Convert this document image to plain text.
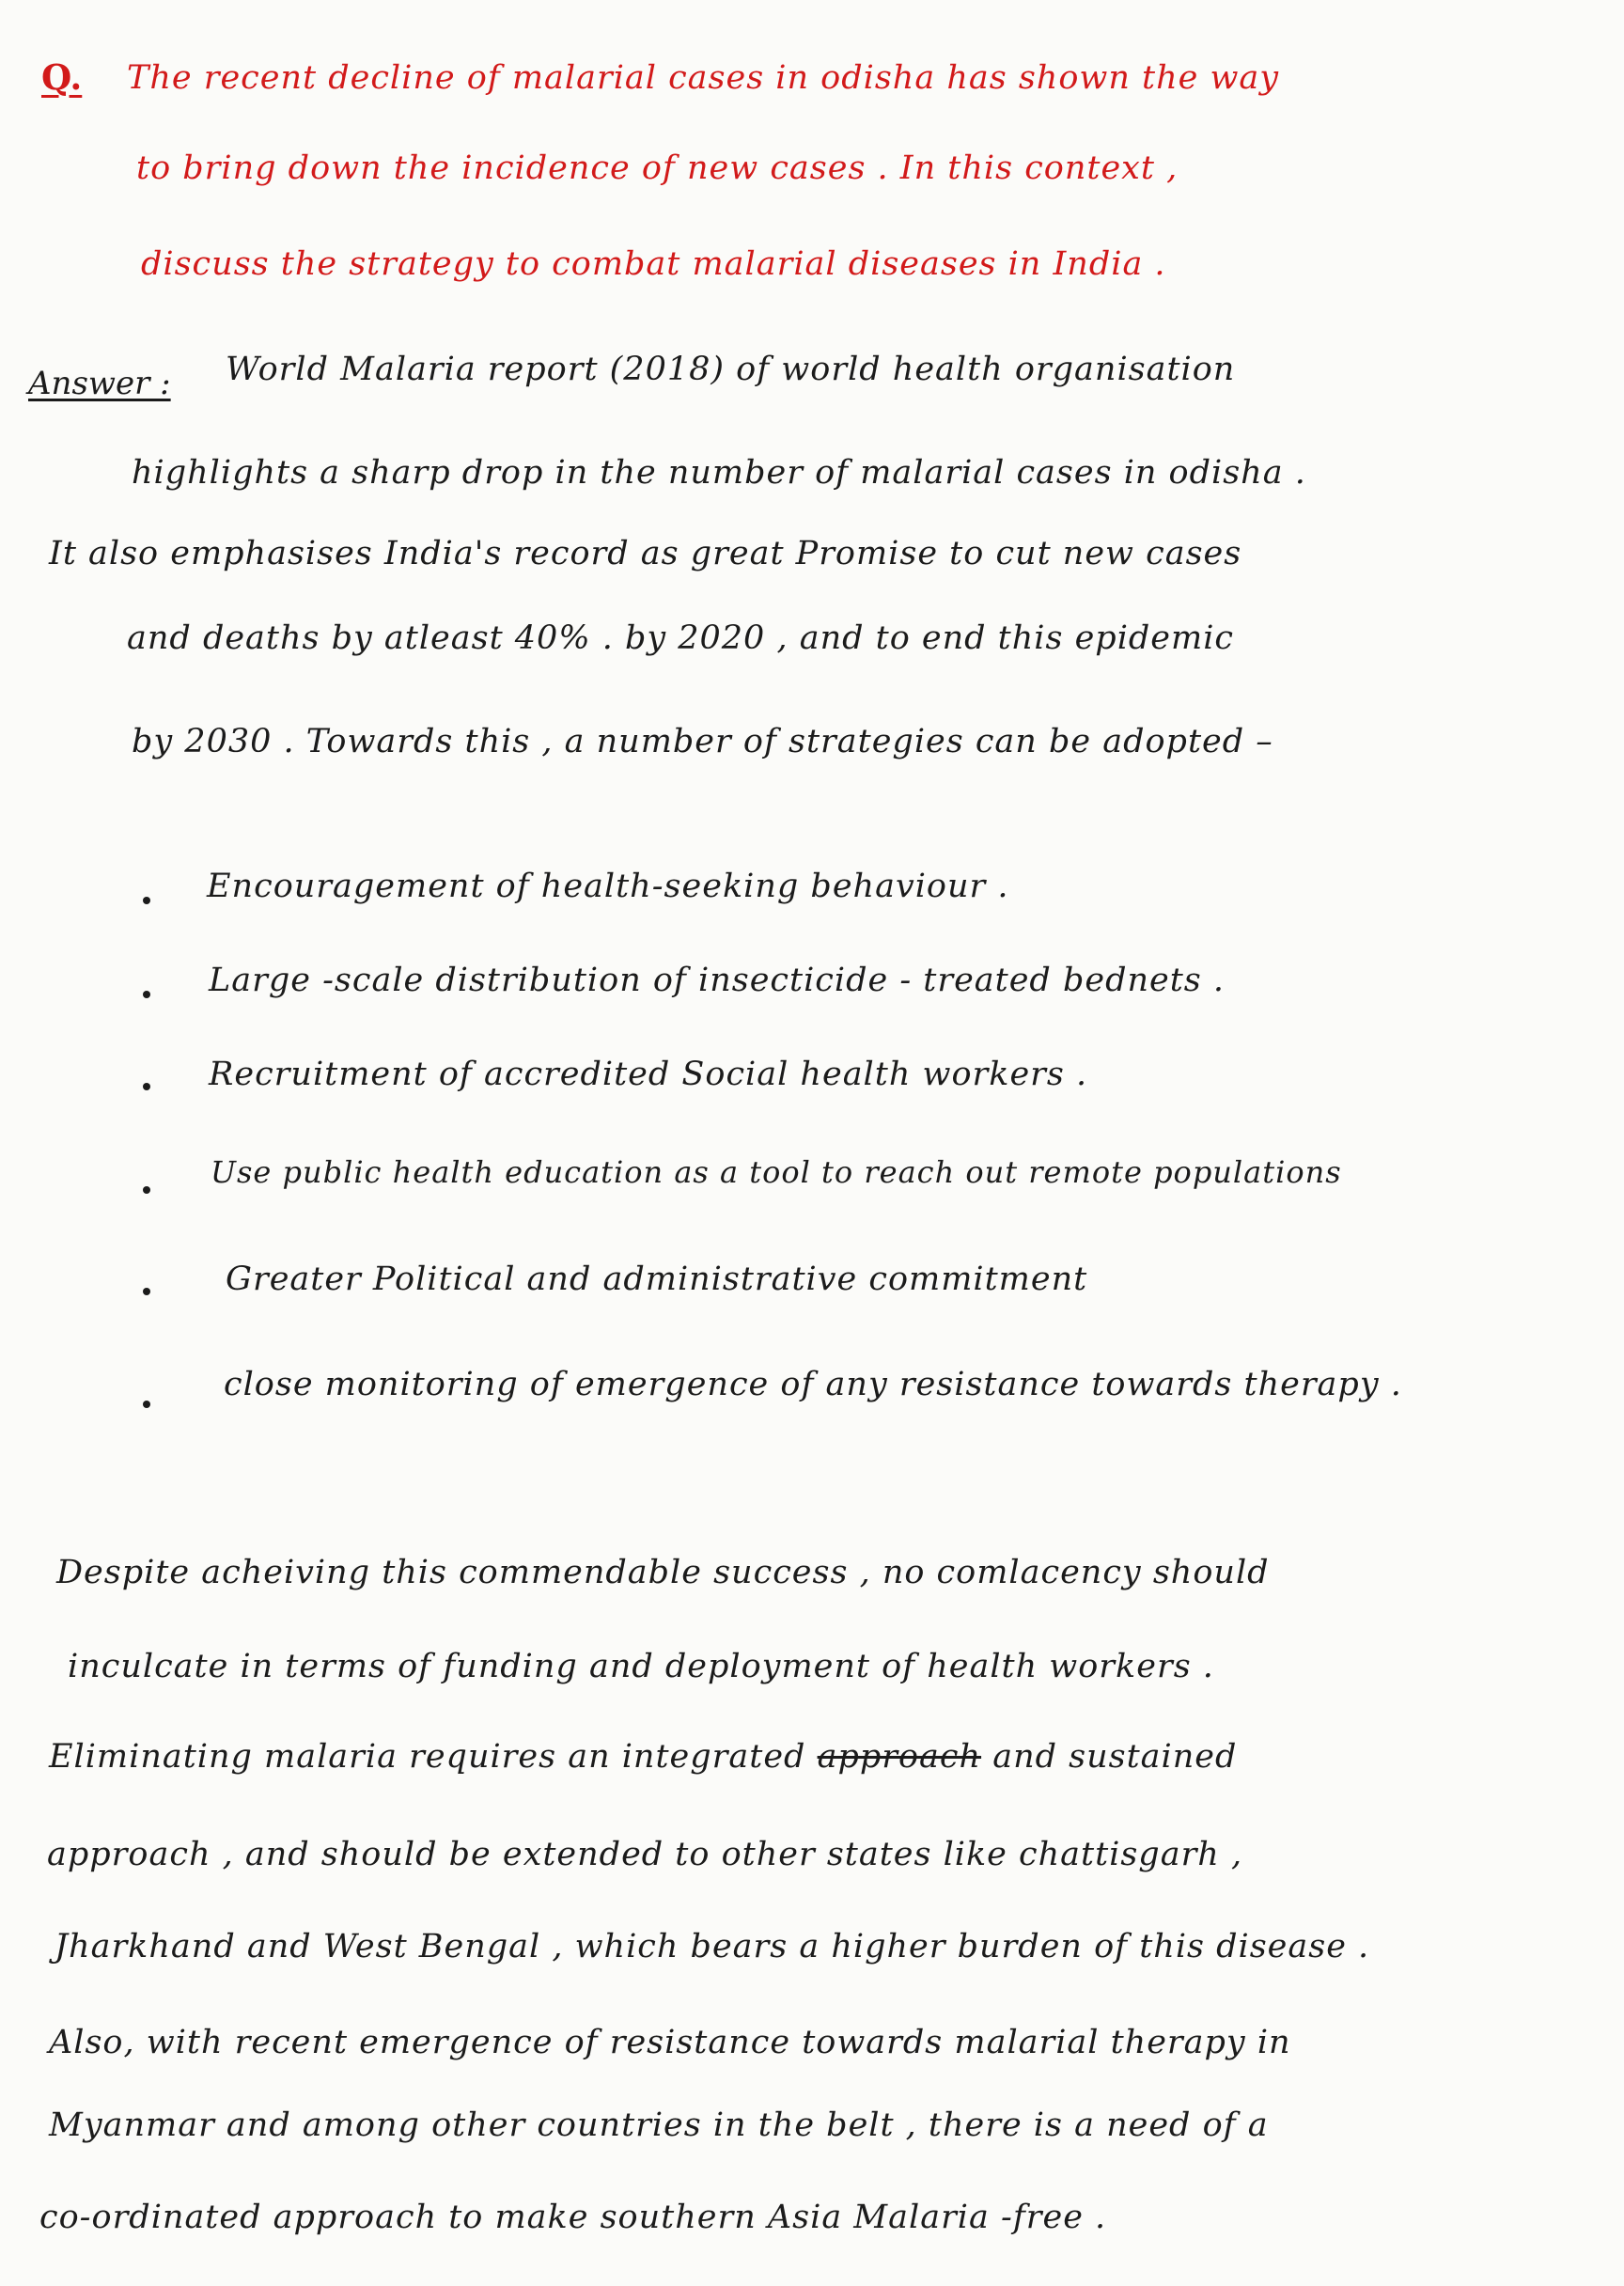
Q. The recent decline of malarial cases in odisha has shown the way
to bring down the incidence of new cases . In this context ,
discuss the strategy to combat malarial diseases in India .
Answer : World Malaria report (2018) of world health organisation
highlights a sharp drop in the number of malarial cases in odisha .
It also emphasises India's record as great Promise to cut new cases
and deaths by atleast 40% . by 2020 , and to end this epidemic
by 2030 . Towards this , a number of strategies can be adopted –
Encouragement of health-seeking behaviour .
Large -scale distribution of insecticide - treated bednets .
Recruitment of accredited Social health workers .
Use public health education as a tool to reach out remote populations
Greater Political and administrative commitment
close monitoring of emergence of any resistance towards therapy .
Despite acheiving this commendable success , no comlacency should
inculcate in terms of funding and deployment of health workers .
Eliminating malaria requires an integrated approach and sustained
approach , and should be extended to other states like chattisgarh ,
Jharkhand and West Bengal , which bears a higher burden of this disease .
Also, with recent emergence of resistance towards malarial therapy in
Myanmar and among other countries in the belt , there is a need of a
co-ordinated approach to make southern Asia Malaria -free .
